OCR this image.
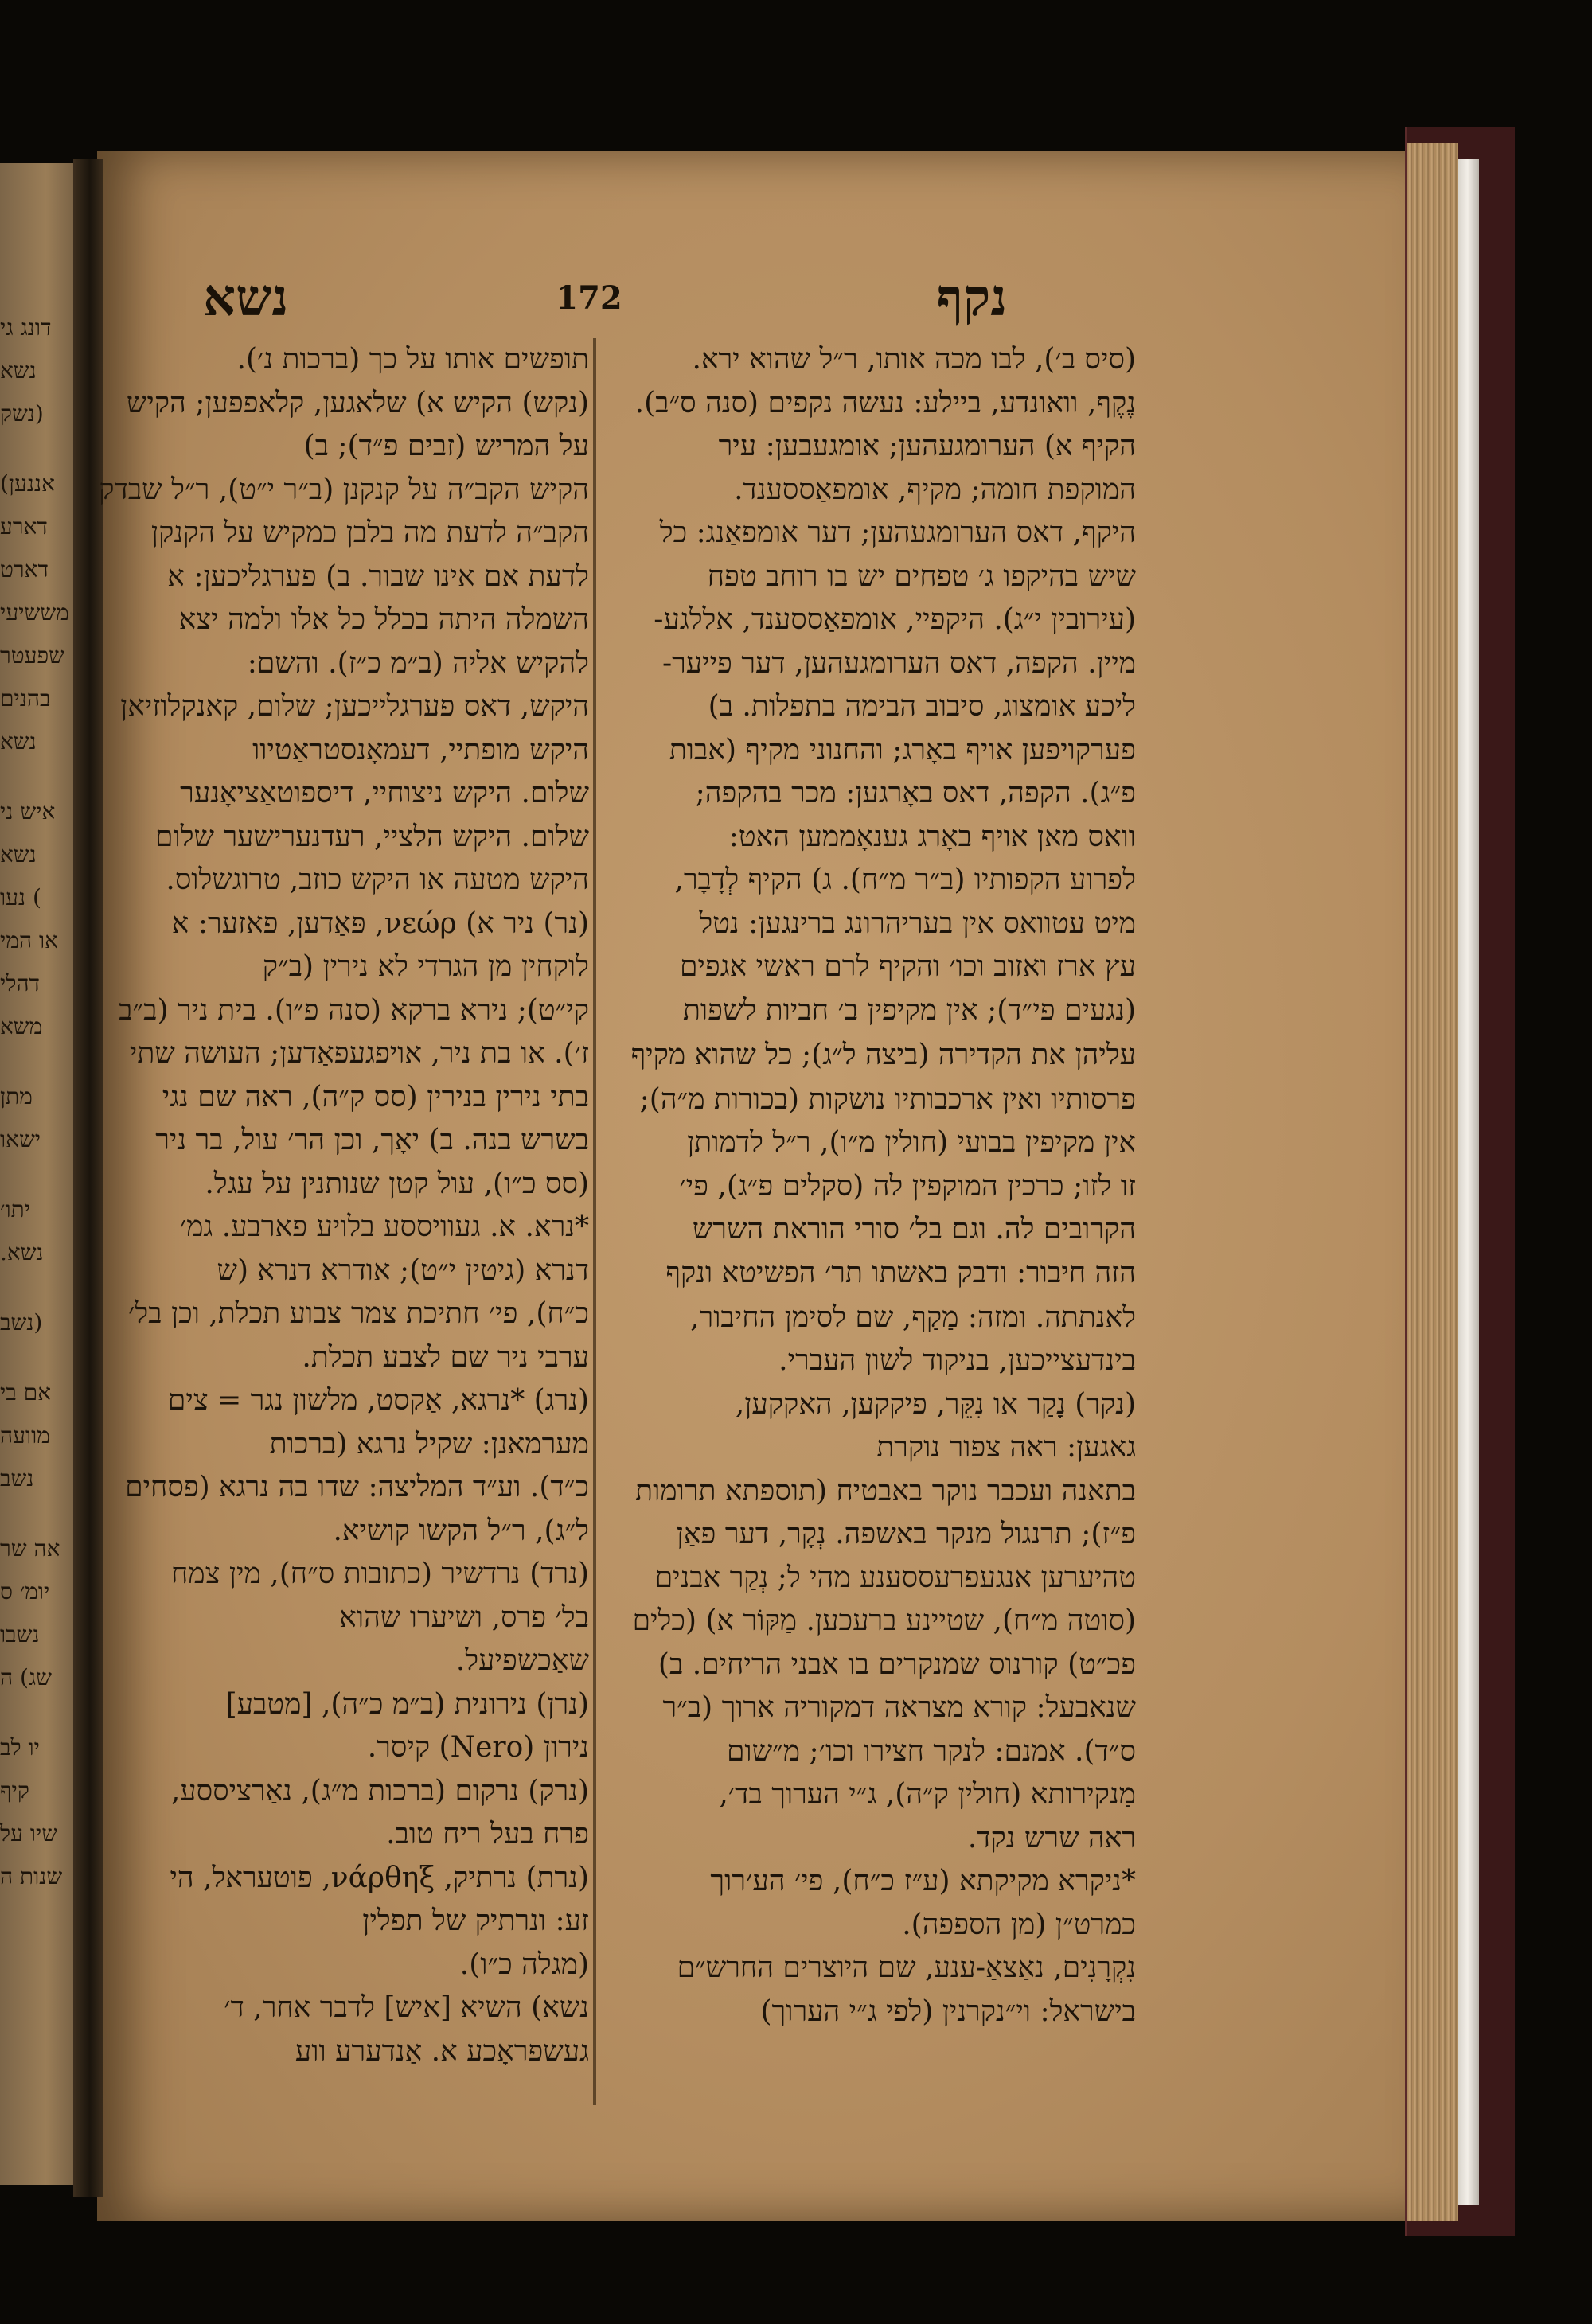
דונג גי
נשא
(נשק
אננען)
דארע
דארט
מששיעי
שפעטר
בהנים
נשא
איש ני
נשא
) נעו
או המי
דהלי
משא
מתן
ישאו
יתו׳
נשא.
(נשב
אם בי
מוועה
נשב
אה שר
יומ׳ ס
נשבו
שג) ה
יו לב
קיף
שיו על
שנות ה
נשא	172	נקף
(סיס ב׳), לבו מכה אותו, ר״ל שהוא ירא.
נֶקֶף, וואונדע, ביילע: נעשה נקפים (סנה ס״ב).
הקיף א) הערומגעהען; אומגעבען: עיר
המוקפת חומה; מקיף, אומפאַססענד.
היקף, דאס הערומגעהען; דער אומפאַנג: כל
שיש בהיקפו ג׳ טפחים יש בו רוחב טפח
(עירובין י״ג). היקפיי, אומפאַססענד, אללגע-
מיין. הקפה, דאס הערומגעהען, דער פייער-
ליכע אומצוג, סיבוב הבימה בתפלות. ב)
פערקויפען אויף באָרג; והחנוני מקיף (אבות
פ״ג). הקפה, דאס באָרגען: מכר בהקפה;
וואס מאן אויף באָרג גענאָממען האט:
לפרוע הקפותיו (ב״ר מ״ח). ג) הקיף לְדָבָר,
מיט עטוואס אין בעריהרונג ברינגען: נטל
עץ ארז ואזוב וכו׳ והקיף לרם ראשי אגפים
(נגעים פי״ד); אין מקיפין ב׳ חביות לשפות
עליהן את הקדירה (ביצה ל״ג); כל שהוא מקיף
פרסותיו ואין ארכבותיו נושקות (בכורות מ״ה);
אין מקיפין בבועי (חולין מ״ו), ר״ל לדמותן
זו לזו; כרכין המוקפין לה (סקלים פ״ג), פי׳
הקרובים לה. וגם בל׳ סורי הוראת השרש
הזה חיבור: ודבק באשתו תר׳ הפשיטא ונקף
לאנתתה. ומזה: מַקַף, שם לסימן החיבור,
בינדעצייכען, בניקוד לשון העברי.
(נקר) נָקַר או נִקֵּר, פיקקען, האקקען,
גאגען: ראה צפור נוקרת
בתאנה ועכבר נוקר באבטיח (תוספתא תרומות
פ״ז); תרנגול מנקר באשפה. נְקָר, דער פאַן
טהיערען אנגעפרעססענע מהי ל; נְקַר אבנים
(סוטה מ״ח), שטיינע ברעכען. מַקּוֹר א) (כלים
פכ״ט) קורנוס שמנקרים בו אבני הריחים. ב)
שנאבעל: קורא מצראה דמקוריה ארוך (ב״ר
ס״ד). אמנם: לנקר חצירו וכו׳; מ״שום
מַנקירותא (חולין ק״ה), ג״י הערוך בד׳,
ראה שרש נקד.
*ניקרא מקיקתא (ע״ז כ״ח), פי׳ הע׳רוך
כמרט״ן (מן הספפה).
נִקְרָנִים, נאַצאַ-ענע, שם היוצרים החרש״ם
בישראל: וי״נקרנין (לפי ג״י הערוך)
תופשים אותו על כך (ברכות נ׳).
(נקש) הקיש א) שלאגען, קלאפפען; הקיש
על המריש (זבים פ״ד); ב)
הקיש הקב״ה על קנקנן (ב״ר י״ט), ר״ל שבדק
הקב״ה לדעת מה בלבן כמקיש על הקנקן
לדעת אם אינו שבור. ב) פערגליכען: א
השמלה היתה בכלל כל אלו ולמה יצא
להקיש אליה (ב״מ כ״ז). והשם:
היקש, דאס פערגלייכען; שלום, קאנקלוזיאן
היקש מופתיי, דעמאָנסטראַטיוו
שלום. היקש ניצוחיי, דיספוטאַציאָנער
שלום. היקש הלציי, רעדנערישער שלום
היקש מטעה או היקש כוזב, טרוגשלוס.
(נר) ניר א) νεώρ, פּאַדען, פאזער: א
לוקחין מן הגרדי לא נירין (ב״ק
קי״ט); נירא ברקא (סנה פ״ו). בית ניר (ב״ב
ז׳). או בת ניר, אויפגעפאַדען; העושה שתי
בתי נירין בנירין (סס ק״ה), ראה שם נגי
בשרש בנה. ב) יאָך, וכן הר׳ עול, בר ניר
(סס כ״ו), עול קטן שנותנין על עגל.
*נרא. א. געוויססע בלויע פארבע. גמ׳
דנרא (גיטין י״ט); אודרא דנרא (ש
כ״ח), פי׳ חתיכת צמר צבוע תכלת, וכן בל׳
ערבי ניר שם לצבע תכלת.
(נרג) *נרגא, אַקסט, מלשון נגר = צים
מערמאנן: שקיל נרגא (ברכות
כ״ד). וע״ד המליצה: שדו בה נרגא (פסחים
ל״ג), ר״ל הקשו קושיא.
(נרד) נרדשיר (כתובות ס״ח), מין צמח
בל׳ פרס, ושיערו שהוא
שאַכשפיעל.
(נרן) נירונית (ב״מ כ״ה), [מטבע]
נירון (Nero) קיסר.
(נרק) נרקום (ברכות מ״ג), נאַרציססע,
פרח בעל ריח טוב.
(נרת) נרתיק, νάρθηξ, פוטעראל, הי
זע: ונרתיק של תפלין
(מגלה כ״ו).
נשא) השיא [איש] לדבר אחר, ד׳
געשפראָכע א. אַנדערע ווע
